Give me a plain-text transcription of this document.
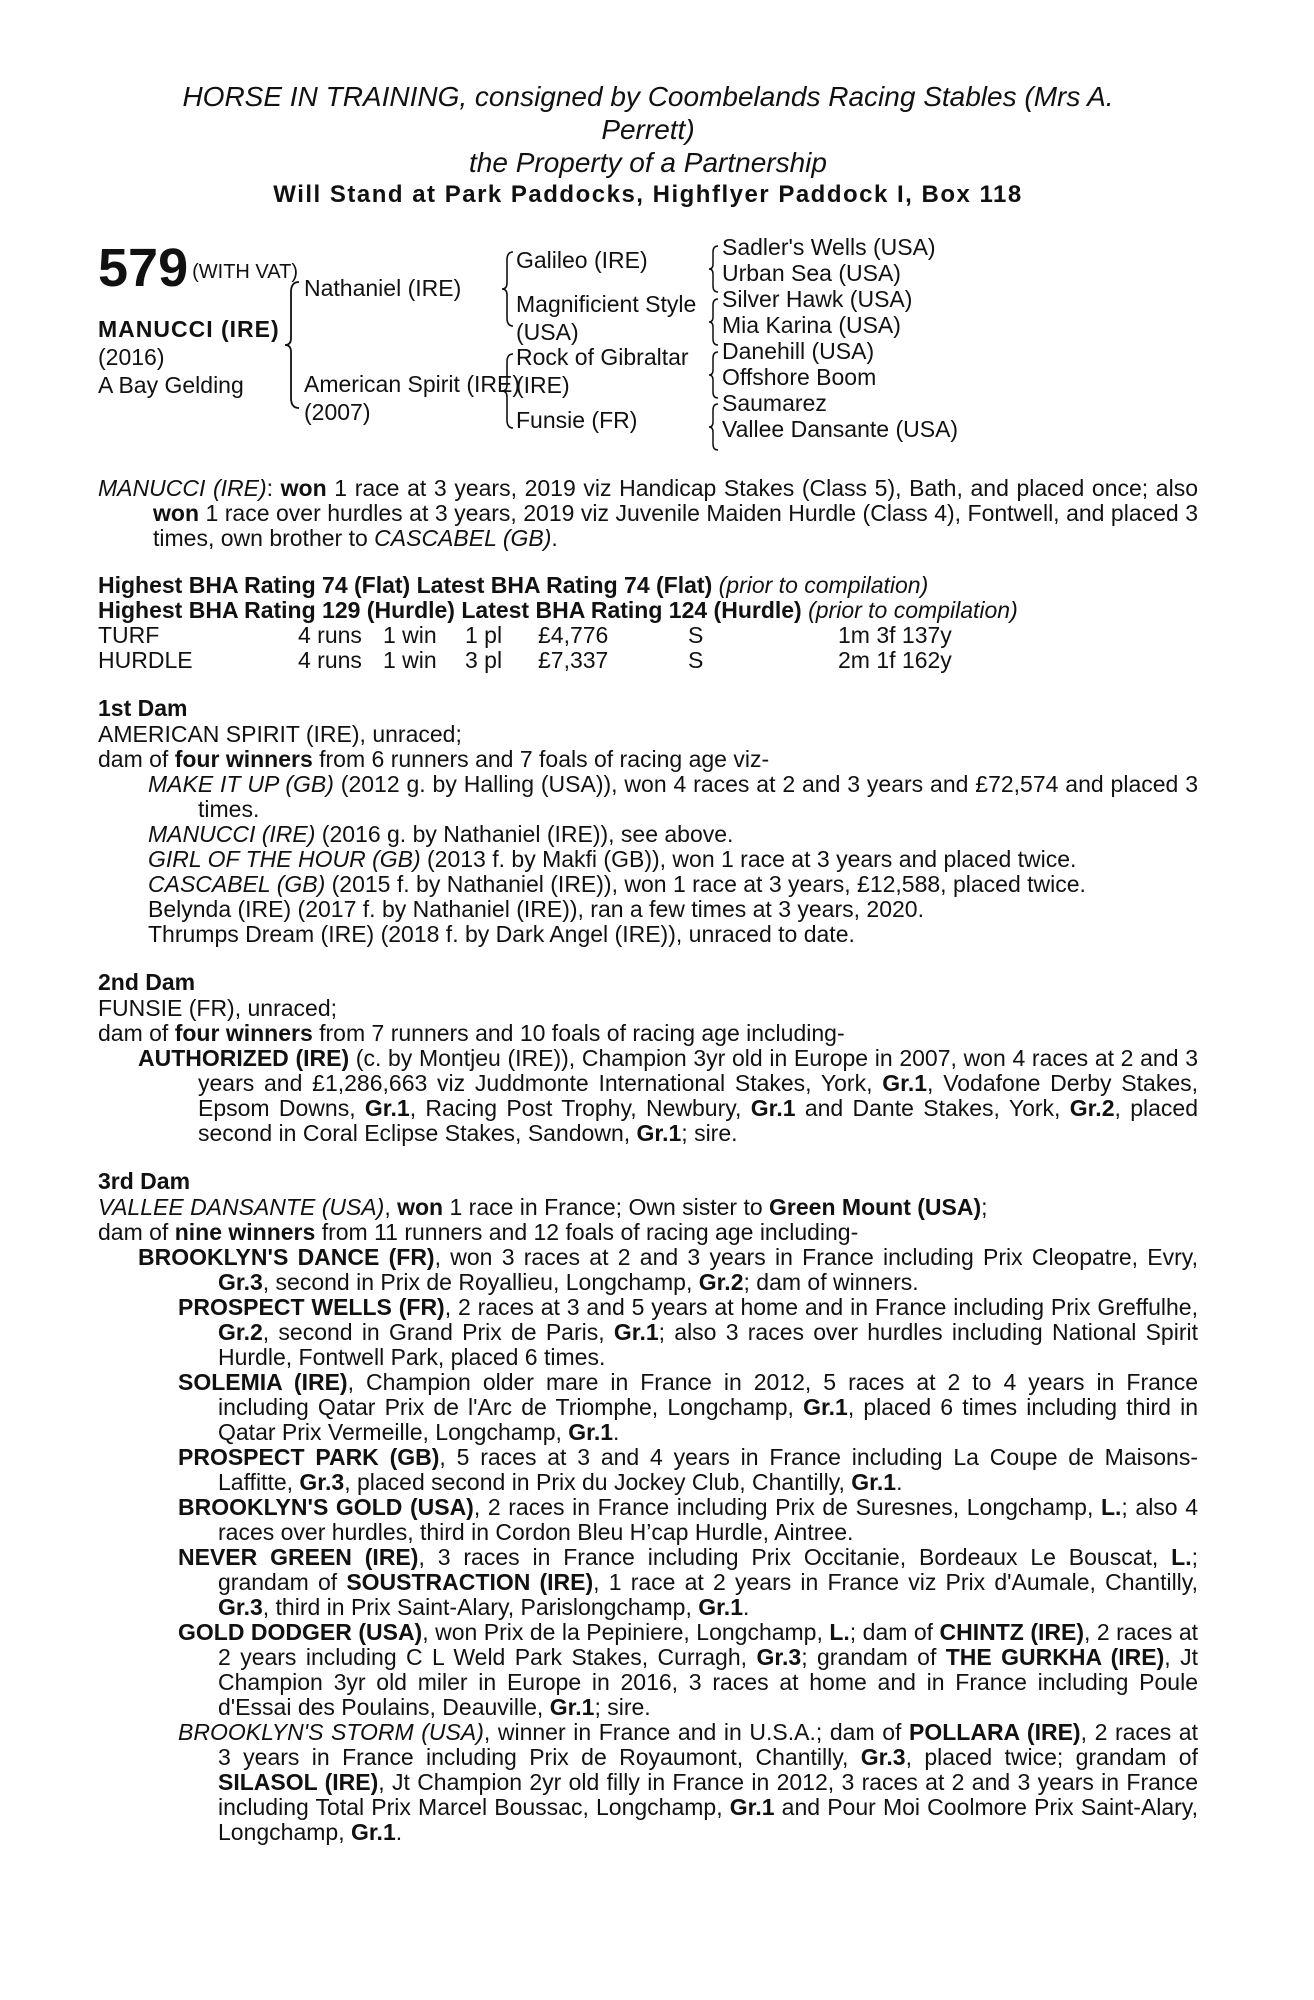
HORSE IN TRAINING, consigned by Coombelands Racing Stables (Mrs A.
Perrett)
the Property of a Partnership
Will Stand at Park Paddocks, Highflyer Paddock I, Box 118
579 (WITH VAT)
MANUCCI (IRE)
(2016)
A Bay Gelding
Nathaniel (IRE)
American Spirit (IRE)
(2007)
Galileo (IRE)
Magnificient Style
(USA)
Rock of Gibraltar
(IRE)
Funsie (FR)
Sadler's Wells (USA)
Urban Sea (USA)
Silver Hawk (USA)
Mia Karina (USA)
Danehill (USA)
Offshore Boom
Saumarez
Vallee Dansante (USA)
MANUCCI (IRE): won 1 race at 3 years, 2019 viz Handicap Stakes (Class 5), Bath, and placed once; also won 1 race over hurdles at 3 years, 2019 viz Juvenile Maiden Hurdle (Class 4), Fontwell, and placed 3 times, own brother to CASCABEL (GB).
Highest BHA Rating 74 (Flat) Latest BHA Rating 74 (Flat) (prior to compilation)
Highest BHA Rating 129 (Hurdle) Latest BHA Rating 124 (Hurdle) (prior to compilation)
TURF	4 runs 1 win 1 pl £4,776	S	1m 3f 137y
HURDLE	4 runs 1 win 3 pl £7,337	S	2m 1f 162y
1st Dam
AMERICAN SPIRIT (IRE), unraced;
dam of four winners from 6 runners and 7 foals of racing age viz-
MAKE IT UP (GB) (2012 g. by Halling (USA)), won 4 races at 2 and 3 years and £72,574 and placed 3 times.
MANUCCI (IRE) (2016 g. by Nathaniel (IRE)), see above.
GIRL OF THE HOUR (GB) (2013 f. by Makfi (GB)), won 1 race at 3 years and placed twice.
CASCABEL (GB) (2015 f. by Nathaniel (IRE)), won 1 race at 3 years, £12,588, placed twice.
Belynda (IRE) (2017 f. by Nathaniel (IRE)), ran a few times at 3 years, 2020.
Thrumps Dream (IRE) (2018 f. by Dark Angel (IRE)), unraced to date.
2nd Dam
FUNSIE (FR), unraced;
dam of four winners from 7 runners and 10 foals of racing age including-
AUTHORIZED (IRE) (c. by Montjeu (IRE)), Champion 3yr old in Europe in 2007, won 4 races at 2 and 3 years and £1,286,663 viz Juddmonte International Stakes, York, Gr.1, Vodafone Derby Stakes, Epsom Downs, Gr.1, Racing Post Trophy, Newbury, Gr.1 and Dante Stakes, York, Gr.2, placed second in Coral Eclipse Stakes, Sandown, Gr.1; sire.
3rd Dam
VALLEE DANSANTE (USA), won 1 race in France; Own sister to Green Mount (USA);
dam of nine winners from 11 runners and 12 foals of racing age including-
BROOKLYN'S DANCE (FR), won 3 races at 2 and 3 years in France including Prix Cleopatre, Evry, Gr.3, second in Prix de Royallieu, Longchamp, Gr.2; dam of winners.
PROSPECT WELLS (FR), 2 races at 3 and 5 years at home and in France including Prix Greffulhe, Gr.2, second in Grand Prix de Paris, Gr.1; also 3 races over hurdles including National Spirit Hurdle, Fontwell Park, placed 6 times.
SOLEMIA (IRE), Champion older mare in France in 2012, 5 races at 2 to 4 years in France including Qatar Prix de l'Arc de Triomphe, Longchamp, Gr.1, placed 6 times including third in Qatar Prix Vermeille, Longchamp, Gr.1.
PROSPECT PARK (GB), 5 races at 3 and 4 years in France including La Coupe de Maisons-Laffitte, Gr.3, placed second in Prix du Jockey Club, Chantilly, Gr.1.
BROOKLYN'S GOLD (USA), 2 races in France including Prix de Suresnes, Longchamp, L.; also 4 races over hurdles, third in Cordon Bleu H’cap Hurdle, Aintree.
NEVER GREEN (IRE), 3 races in France including Prix Occitanie, Bordeaux Le Bouscat, L.; grandam of SOUSTRACTION (IRE), 1 race at 2 years in France viz Prix d'Aumale, Chantilly, Gr.3, third in Prix Saint-Alary, Parislongchamp, Gr.1.
GOLD DODGER (USA), won Prix de la Pepiniere, Longchamp, L.; dam of CHINTZ (IRE), 2 races at 2 years including C L Weld Park Stakes, Curragh, Gr.3; grandam of THE GURKHA (IRE), Jt Champion 3yr old miler in Europe in 2016, 3 races at home and in France including Poule d'Essai des Poulains, Deauville, Gr.1; sire.
BROOKLYN'S STORM (USA), winner in France and in U.S.A.; dam of POLLARA (IRE), 2 races at 3 years in France including Prix de Royaumont, Chantilly, Gr.3, placed twice; grandam of SILASOL (IRE), Jt Champion 2yr old filly in France in 2012, 3 races at 2 and 3 years in France including Total Prix Marcel Boussac, Longchamp, Gr.1 and Pour Moi Coolmore Prix Saint-Alary, Longchamp, Gr.1.
